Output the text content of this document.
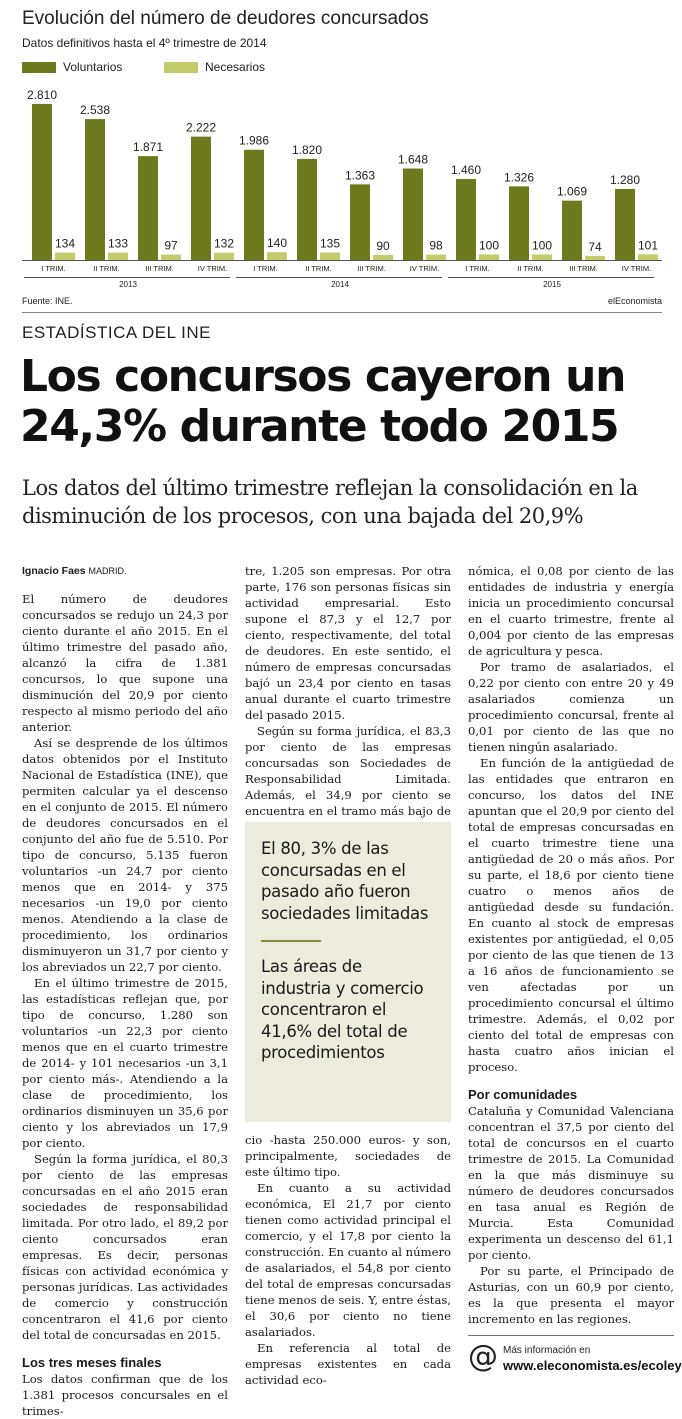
Evolución del número de deudores concursados
Datos definitivos hasta el 4º trimestre de 2014
Voluntarios	Necesarios
2.810
134
I TRIM.
2.538
133
II TRIM.
1.871
97
III TRIM.
2.222
132
IV TRIM.
1.986
140
I TRIM.
1.820
135
II TRIM.
1.363
90
III TRIM.
1.648
98
IV TRIM.
1.460
100
I TRIM.
1.326
100
II TRIM.
1.069
74
III TRIM.
1.280
101
IV TRIM.
2013	2014	2015
Fuente: INE.	elEconomista
ESTADÍSTICA DEL INE
Los concursos cayeron un 24,3% durante todo 2015
Los datos del último trimestre reflejan la consolidación en la disminución de los procesos, con una bajada del 20,9%
Ignacio Faes MADRID.

El número de deudores concursados se redujo un 24,3 por ciento durante el año 2015. En el último trimestre del pasado año, alcanzó la cifra de 1.381 concursos, lo que supone una disminución del 20,9 por ciento respecto al mismo periodo del año anterior.

Así se desprende de los últimos datos obtenidos por el Instituto Nacional de Estadística (INE), que permiten calcular ya el descenso en el conjunto de 2015. El número de deudores concursados en el conjunto del año fue de 5.510. Por tipo de concurso, 5.135 fueron voluntarios -un 24,7 por ciento menos que en 2014- y 375 necesarios -un 19,0 por ciento menos. Atendiendo a la clase de procedimiento, los ordinarios disminuyeron un 31,7 por ciento y los abreviados un 22,7 por ciento.

En el último trimestre de 2015, las estadísticas reflejan que, por tipo de concurso, 1.280 son voluntarios -un 22,3 por ciento menos que en el cuarto trimestre de 2014- y 101 necesarios -un 3,1 por ciento más-. Atendiendo a la clase de procedimiento, los ordinarios disminuyen un 35,6 por ciento y los abreviados un 17,9 por ciento.

Según la forma jurídica, el 80,3 por ciento de las empresas concursadas en el año 2015 eran sociedades de responsabilidad limitada. Por otro lado, el 89,2 por ciento concursados eran empresas. Es decir, personas físicas con actividad económica y personas jurídicas. Las actividades de comercio y construcción concentraron el 41,6 por ciento del total de concursadas en 2015.

Los tres meses finales

Los datos confirman que de los 1.381 procesos concursales en el trimes-

tre, 1.205 son empresas. Por otra parte, 176 son personas físicas sin actividad empresarial. Esto supone el 87,3 y el 12,7 por ciento, respectivamente, del total de deudores. En este sentido, el número de empresas concursadas bajó un 23,4 por ciento en tasas anual durante el cuarto trimestre del pasado 2015.

Según su forma jurídica, el 83,3 por ciento de las empresas concursadas son Sociedades de Responsabilidad Limitada. Además, el 34,9 por ciento se encuentra en el tramo más bajo de

El 80, 3% de las concursadas en el pasado año fueron sociedades limitadas
Las áreas de industria y comercio concentraron el 41,6% del total de procedimientos

cio -hasta 250.000 euros- y son, principalmente, sociedades de este último tipo.

En cuanto a su actividad económica, El 21,7 por ciento tienen como actividad principal el comercio, y el 17,8 por ciento la construcción. En cuanto al número de asalariados, el 54,8 por ciento del total de empresas concursadas tiene menos de seis. Y, entre éstas, el 30,6 por ciento no tiene asalariados.

En referencia al total de empresas existentes en cada actividad eco-

nómica, el 0,08 por ciento de las entidades de industria y energía inicia un procedimiento concursal en el cuarto trimestre, frente al 0,004 por ciento de las empresas de agricultura y pesca.

Por tramo de asalariados, el 0,22 por ciento con entre 20 y 49 asalariados comienza un procedimiento concursal, frente al 0,01 por ciento de las que no tienen ningún asalariado.

En función de la antigüedad de las entidades que entraron en concurso, los datos del INE apuntan que el 20,9 por ciento del total de empresas concursadas en el cuarto trimestre tiene una antigüedad de 20 o más años. Por su parte, el 18,6 por ciento tiene cuatro o menos años de antigüedad desde su fundación. En cuanto al stock de empresas existentes por antigüedad, el 0,05 por ciento de las que tienen de 13 a 16 años de funcionamiento se ven afectadas por un procedimiento concursal el último trimestre. Además, el 0,02 por ciento del total de empresas con hasta cuatro años inician el proceso.

Por comunidades

Cataluña y Comunidad Valenciana concentran el 37,5 por ciento del total de concursos en el cuarto trimestre de 2015. La Comunidad en la que más disminuye su número de deudores concursados en tasa anual es Región de Murcia. Esta Comunidad experimenta un descenso del 61,1 por ciento.

Por su parte, el Principado de Asturias, con un 60,9 por ciento, es la que presenta el mayor incremento en las regiones.

@ Más información en
www.eleconomista.es/ecoley
